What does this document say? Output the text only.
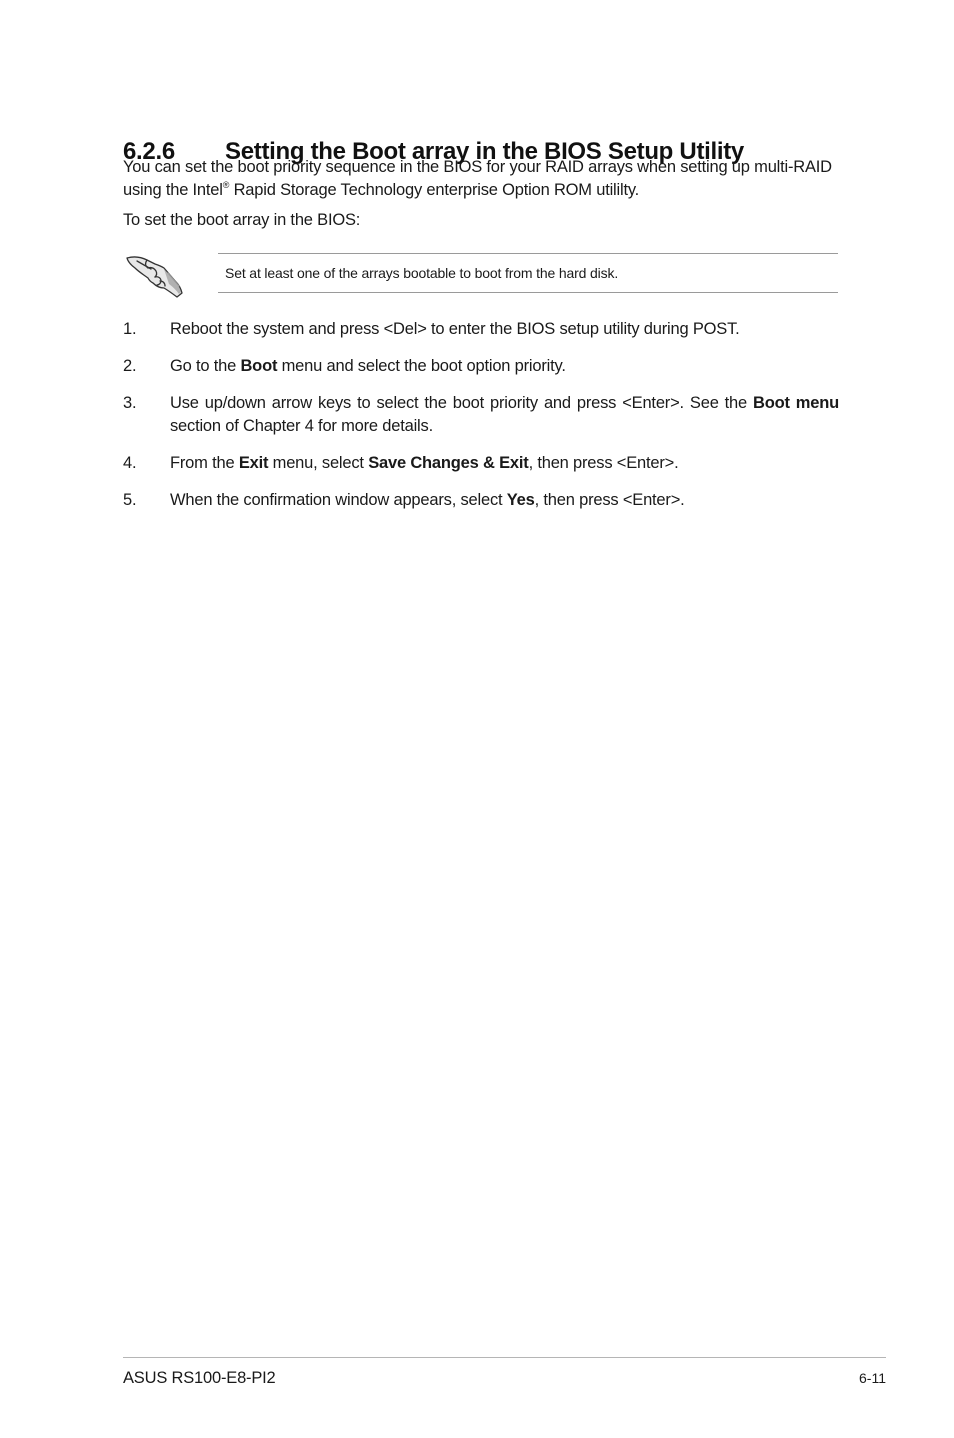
6.2.6 Setting the Boot array in the BIOS Setup Utility

You can set the boot priority sequence in the BIOS for your RAID arrays when setting up multi-RAID using the Intel® Rapid Storage Technology enterprise Option ROM utililty.

To set the boot array in the BIOS:

Set at least one of the arrays bootable to boot from the hard disk.
1. Reboot the system and press <Del> to enter the BIOS setup utility during POST.
2. Go to the Boot menu and select the boot option priority.
3. Use up/down arrow keys to select the boot priority and press <Enter>. See the Boot menu section of Chapter 4 for more details.
4. From the Exit menu, select Save Changes & Exit, then press <Enter>.
5. When the confirmation window appears, select Yes, then press <Enter>.
ASUS RS100-E8-PI2	6-11
